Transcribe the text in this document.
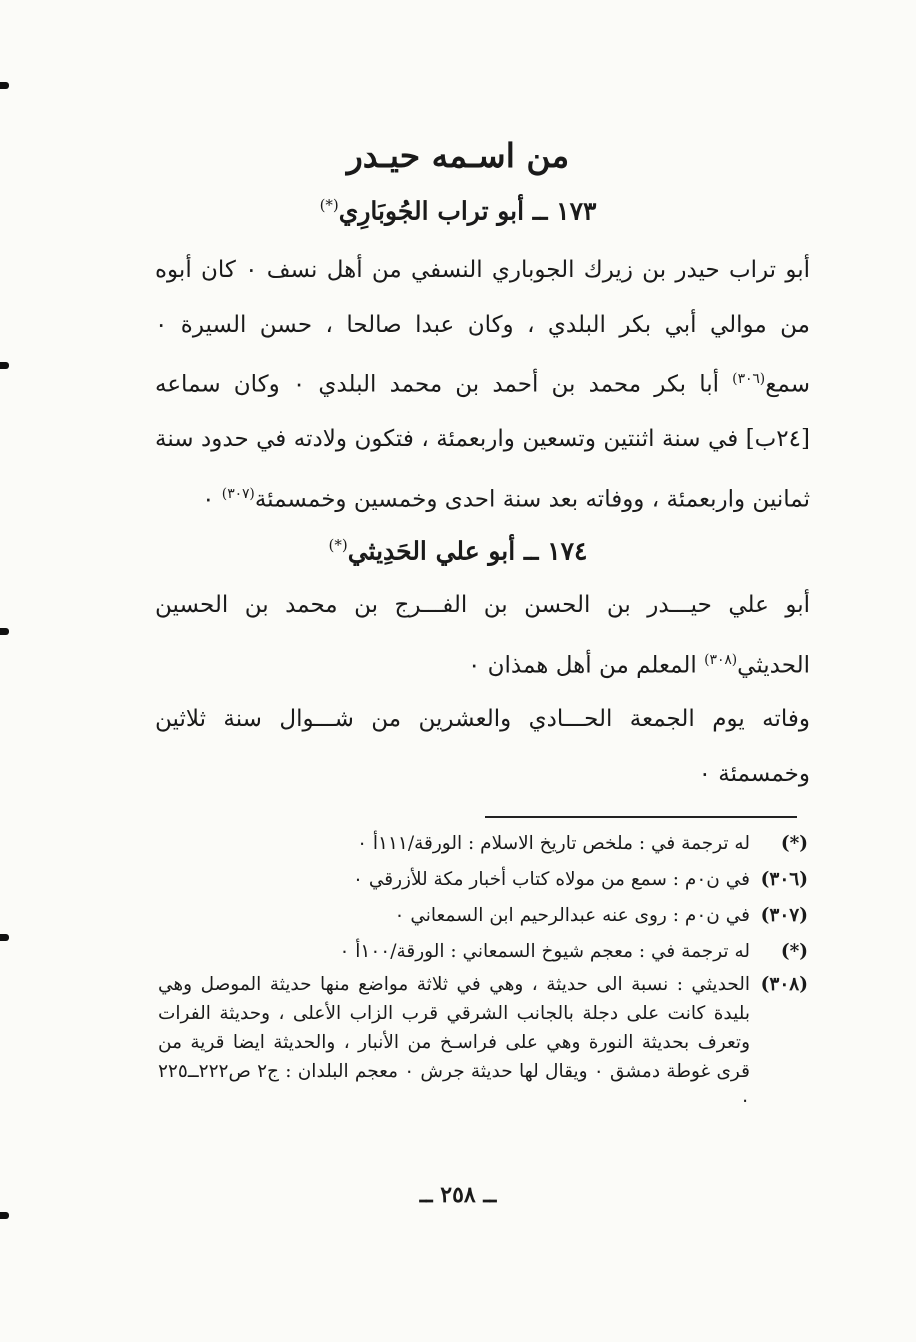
من اسـمه حيـدر
١٧٣ ــ أبو تراب الجُوبَارِي(*)

أبو تراب حيدر بن زيرك الجوباري النسفي من أهل نسف ٠ كان أبوه من موالي أبي بكر البلدي ، وكان عبدا صالحا ، حسن السيرة ٠ سمع$^{(٣٠٦)}$ أبا بكر محمد بن أحمد بن محمد البلدي ٠ وكان سماعه [٢٤ب] في سنة اثنتين وتسعين واربعمئة ، فتكون ولادته في حدود سنة ثمانين واربعمئة ، ووفاته بعد سنة احدى وخمسين وخمسمئة$^{(٣٠٧)}$ ٠

١٧٤ ــ أبو علي الحَدِيثي(*)

أبو علي حيـــدر بن الحسن بن الفـــرج بن محمد بن الحسين الحديثي$^{(٣٠٨)}$ المعلم من أهل همذان ٠

وفاته يوم الجمعة الحـــادي والعشرين من شـــوال سنة ثلاثين وخمسمئة ٠

(*)
له ترجمة في : ملخص تاريخ الاسلام : الورقة/١١١أ ٠
(٣٠٦)
في ن٠م : سمع من مولاه كتاب أخبار مكة للأزرقي ٠
(٣٠٧)
في ن٠م : روى عنه عبدالرحيم ابن السمعاني ٠
(*)
له ترجمة في : معجم شيوخ السمعاني : الورقة/١٠٠أ ٠
(٣٠٨)
الحديثي : نسبة الى حديثة ، وهي في ثلاثة مواضع منها حديثة الموصل وهي بليدة كانت على دجلة بالجانب الشرقي قرب الزاب الأعلى ، وحديثة الفرات وتعرف بحديثة النورة وهي على فراسـخ من الأنبار ، والحديثة ايضا قرية من قرى غوطة دمشق ٠ ويقال لها حديثة جرش ٠ معجم البلدان : ج٢ ص٢٢٢ــ٢٢٥ ٠

ــ ٢٥٨ ــ
